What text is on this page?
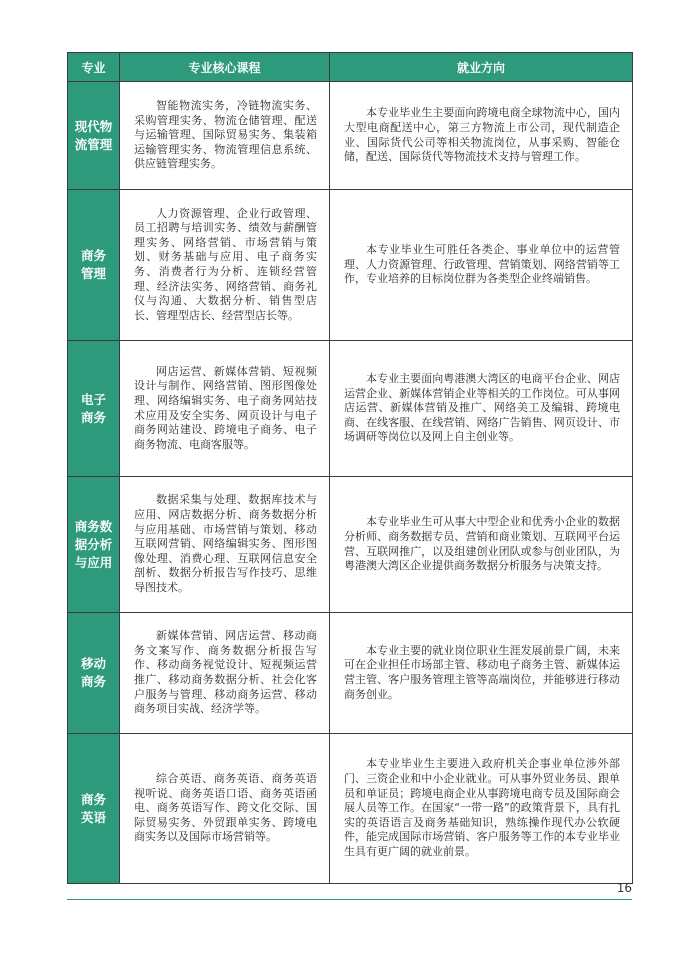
专业	专业核心课程	就业方向

现代物
流管理	智能物流实务，冷链物流实务、采购管理实务、物流仓储管理、配送与运输管理、国际贸易实务、集装箱运输管理实务、物流管理信息系统、供应链管理实务。	本专业毕业生主要面向跨境电商全球物流中心，国内大型电商配送中心，第三方物流上市公司，现代制造企业、国际货代公司等相关物流岗位，从事采购、智能仓储，配送、国际货代等物流技术支持与管理工作。

商务
管理	人力资源管理、企业行政管理、员工招聘与培训实务、绩效与薪酬管理实务、网络营销、市场营销与策划、财务基础与应用、电子商务实务、消费者行为分析、连锁经营管理、经济法实务、网络营销、商务礼仪与沟通、大数据分析、销售型店长、管理型店长、经营型店长等。	本专业毕业生可胜任各类企、事业单位中的运营管理、人力资源管理、行政管理、营销策划、网络营销等工作，专业培养的目标岗位群为各类型企业终端销售。

电子
商务	网店运营、新媒体营销、短视频设计与制作、网络营销、图形图像处理、网络编辑实务、电子商务网站技术应用及安全实务、网页设计与电子商务网站建设、跨境电子商务、电子商务物流、电商客服等。	本专业主要面向粤港澳大湾区的电商平台企业、网店运营企业、新媒体营销企业等相关的工作岗位。可从事网店运营、新媒体营销及推广、网络美工及编辑、跨境电商、在线客服、在线营销、网络广告销售、网页设计、市场调研等岗位以及网上自主创业等。

商务数
据分析
与应用	数据采集与处理、数据库技术与应用、网店数据分析、商务数据分析与应用基础、市场营销与策划、移动互联网营销、网络编辑实务、图形图像处理、消费心理、互联网信息安全剖析、数据分析报告写作技巧、思维导图技术。	本专业毕业生可从事大中型企业和优秀小企业的数据分析师、商务数据专员、营销和商业策划、互联网平台运营、互联网推广，以及组建创业团队或参与创业团队，为粤港澳大湾区企业提供商务数据分析服务与决策支持。

移动
商务	新媒体营销、网店运营、移动商务文案写作、商务数据分析报告写作、移动商务视觉设计、短视频运营推广、移动商务数据分析、社会化客户服务与管理、移动商务运营、移动商务项目实战、经济学等。	本专业主要的就业岗位职业生涯发展前景广阔，未来可在企业担任市场部主管、移动电子商务主管、新媒体运营主管、客户服务管理主管等高端岗位，并能够进行移动商务创业。

商务
英语	综合英语、商务英语、商务英语视听说、商务英语口语、商务英语函电、商务英语写作、跨文化交际、国际贸易实务、外贸跟单实务、跨境电商实务以及国际市场营销等。	本专业毕业生主要进入政府机关企事业单位涉外部门、三资企业和中小企业就业。可从事外贸业务员、跟单员和单证员；跨境电商企业从事跨境电商专员及国际商会展人员等工作。在国家“一带一路”的政策背景下，具有扎实的英语语言及商务基础知识，熟练操作现代办公软硬件，能完成国际市场营销、客户服务等工作的本专业毕业生具有更广阔的就业前景。
16
